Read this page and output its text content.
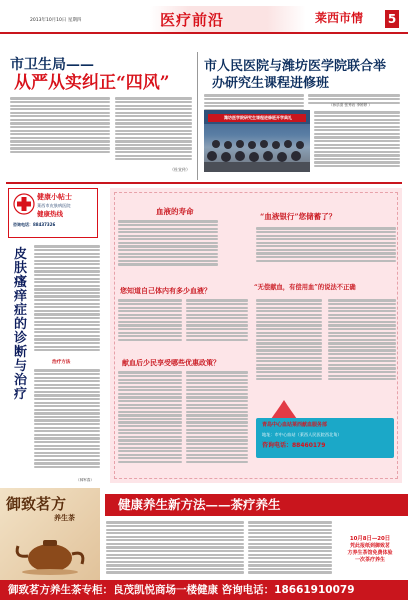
2013年10月10日 星期四	医疗前沿	莱西市情 5
市卫生局——
从严从实纠正“四风”
（杜宣传）
市人民医院与潍坊医学院联合举
办研究生课程进修班
（孙乐喜 张秀岩 李婷婷 ）
潍坊医学院研究生课程进修班开学典礼
健康小帖士
莱西市皮肤病医院
健康热线
咨询电话：88437326
皮肤瘙痒症的诊断与治疗
治疗方法
（林军春）
血液的寿命
您知道自己体内有多少血液？
献血后少民享受哪些优惠政策？
“血液银行”您储蓄了？
“无偿献血，有偿用血”的说法不正确
青岛中心血站莱西献血服务部
地址：市中心血站（莱西人民医院西北角）
咨询电话：88460179
御致茗方
养生茶
健康养生新方法——茶疗养生
10月8日—20日
凭此报纸到御致茗
方养生茶馆免费体验
一次茶疗养生
御致茗方养生茶专柜：良茂凯悦商场一楼健康 咨询电话：18661910079
